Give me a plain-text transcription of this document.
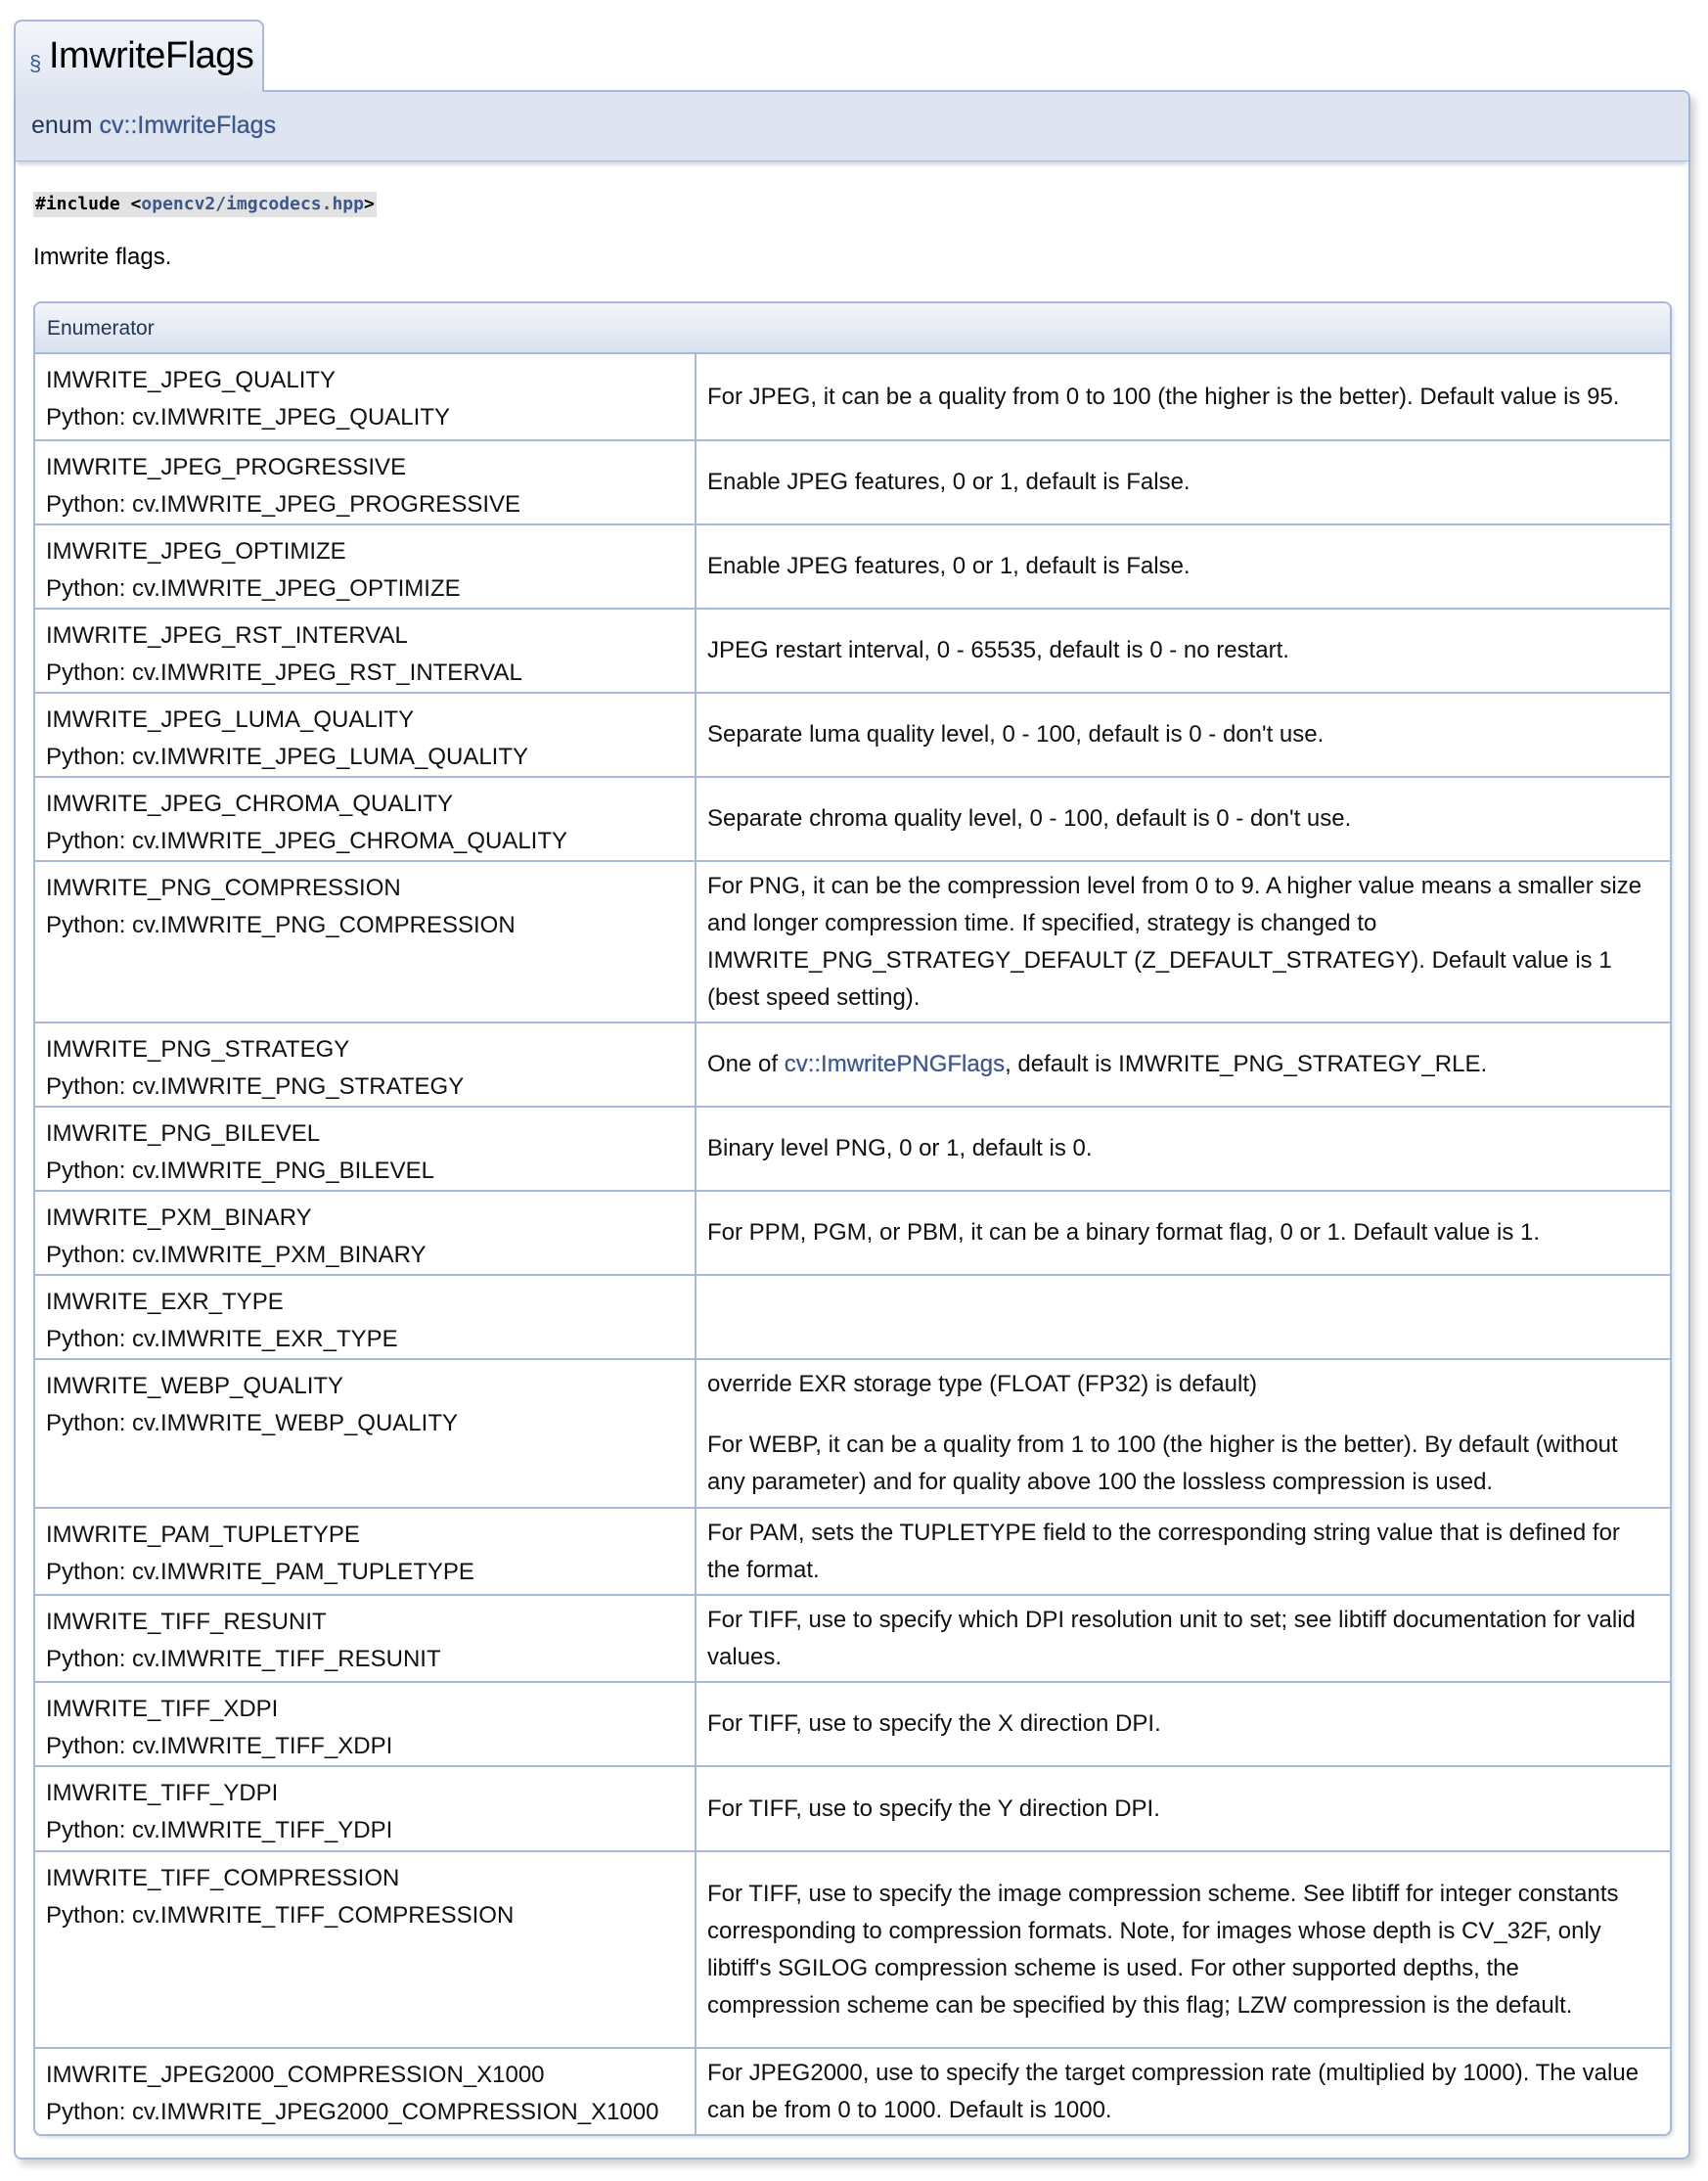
§ ImwriteFlags
enum cv::ImwriteFlags
#include <opencv2/imgcodecs.hpp>
Imwrite flags.
Enumerator
IMWRITE_JPEG_QUALITY
Python: cv.IMWRITE_JPEG_QUALITY

For JPEG, it can be a quality from 0 to 100 (the higher is the better). Default value is 95.

IMWRITE_JPEG_PROGRESSIVE
Python: cv.IMWRITE_JPEG_PROGRESSIVE

Enable JPEG features, 0 or 1, default is False.

IMWRITE_JPEG_OPTIMIZE
Python: cv.IMWRITE_JPEG_OPTIMIZE

Enable JPEG features, 0 or 1, default is False.

IMWRITE_JPEG_RST_INTERVAL
Python: cv.IMWRITE_JPEG_RST_INTERVAL

JPEG restart interval, 0 - 65535, default is 0 - no restart.

IMWRITE_JPEG_LUMA_QUALITY
Python: cv.IMWRITE_JPEG_LUMA_QUALITY

Separate luma quality level, 0 - 100, default is 0 - don't use.

IMWRITE_JPEG_CHROMA_QUALITY
Python: cv.IMWRITE_JPEG_CHROMA_QUALITY

Separate chroma quality level, 0 - 100, default is 0 - don't use.

IMWRITE_PNG_COMPRESSION
Python: cv.IMWRITE_PNG_COMPRESSION

For PNG, it can be the compression level from 0 to 9. A higher value means a smaller size and longer compression time. If specified, strategy is changed to IMWRITE_PNG_STRATEGY_DEFAULT (Z_DEFAULT_STRATEGY). Default value is 1 (best speed setting).

IMWRITE_PNG_STRATEGY
Python: cv.IMWRITE_PNG_STRATEGY

One of cv::ImwritePNGFlags, default is IMWRITE_PNG_STRATEGY_RLE.

IMWRITE_PNG_BILEVEL
Python: cv.IMWRITE_PNG_BILEVEL

Binary level PNG, 0 or 1, default is 0.

IMWRITE_PXM_BINARY
Python: cv.IMWRITE_PXM_BINARY

For PPM, PGM, or PBM, it can be a binary format flag, 0 or 1. Default value is 1.

IMWRITE_EXR_TYPE
Python: cv.IMWRITE_EXR_TYPE
IMWRITE_WEBP_QUALITY
Python: cv.IMWRITE_WEBP_QUALITY

override EXR storage type (FLOAT (FP32) is default)

For WEBP, it can be a quality from 1 to 100 (the higher is the better). By default (without any parameter) and for quality above 100 the lossless compression is used.

IMWRITE_PAM_TUPLETYPE
Python: cv.IMWRITE_PAM_TUPLETYPE

For PAM, sets the TUPLETYPE field to the corresponding string value that is defined for the format.

IMWRITE_TIFF_RESUNIT
Python: cv.IMWRITE_TIFF_RESUNIT

For TIFF, use to specify which DPI resolution unit to set; see libtiff documentation for valid values.

IMWRITE_TIFF_XDPI
Python: cv.IMWRITE_TIFF_XDPI

For TIFF, use to specify the X direction DPI.

IMWRITE_TIFF_YDPI
Python: cv.IMWRITE_TIFF_YDPI

For TIFF, use to specify the Y direction DPI.

IMWRITE_TIFF_COMPRESSION
Python: cv.IMWRITE_TIFF_COMPRESSION

For TIFF, use to specify the image compression scheme. See libtiff for integer constants corresponding to compression formats. Note, for images whose depth is CV_32F, only libtiff's SGILOG compression scheme is used. For other supported depths, the compression scheme can be specified by this flag; LZW compression is the default.

IMWRITE_JPEG2000_COMPRESSION_X1000
Python: cv.IMWRITE_JPEG2000_COMPRESSION_X1000

For JPEG2000, use to specify the target compression rate (multiplied by 1000). The value can be from 0 to 1000. Default is 1000.
